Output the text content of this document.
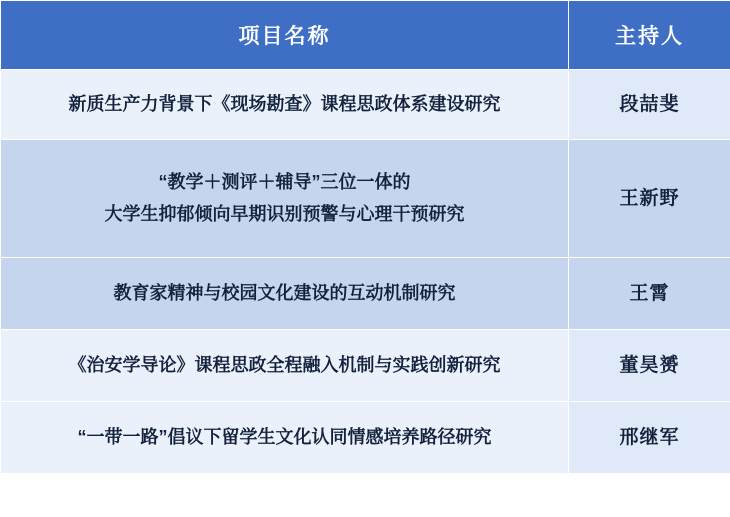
项目名称	主持人

新质生产力背景下《现场勘查》课程思政体系建设研究	段喆斐

“教学＋测评＋辅导”三位一体的
大学生抑郁倾向早期识别预警与心理干预研究	王新野

教育家精神与校园文化建设的互动机制研究	王霄

《治安学导论》课程思政全程融入机制与实践创新研究	董昊赟

“一带一路”倡议下留学生文化认同情感培养路径研究	邢继军
